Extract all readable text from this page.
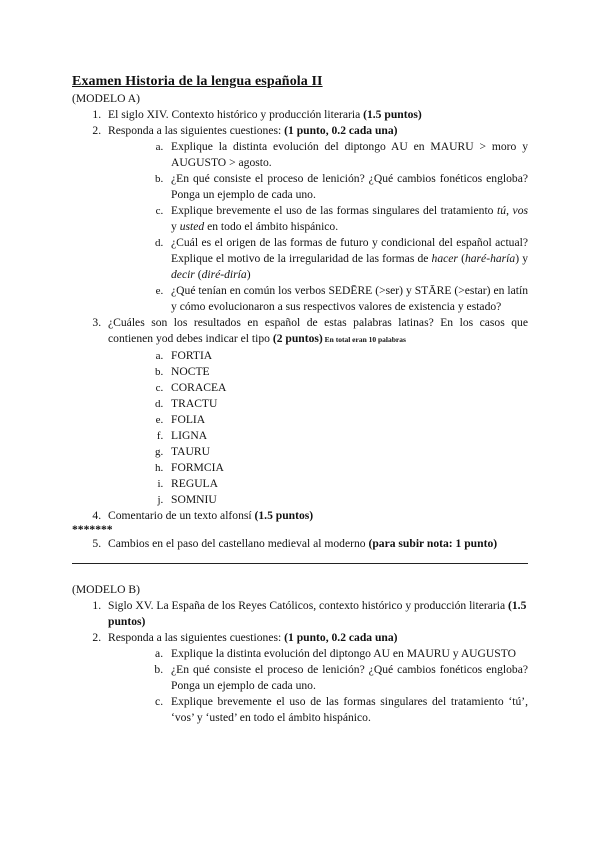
Examen Historia de la lengua española II

(MODELO A)

1. El siglo XIV. Contexto histórico y producción literaria (1.5 puntos)
2. Responda a las siguientes cuestiones: (1 punto, 0.2 cada una)
a. Explique la distinta evolución del diptongo AU en MAURU > moro y AUGUSTO > agosto.
b. ¿En qué consiste el proceso de lenición? ¿Qué cambios fonéticos engloba? Ponga un ejemplo de cada uno.
c. Explique brevemente el uso de las formas singulares del tratamiento tú, vos y usted en todo el ámbito hispánico.
d. ¿Cuál es el origen de las formas de futuro y condicional del español actual? Explique el motivo de la irregularidad de las formas de hacer (haré-haría) y decir (diré-diría)
e. ¿Qué tenían en común los verbos SEDĒRE (>ser) y STĀRE (>estar) en latín y cómo evolucionaron a sus respectivos valores de existencia y estado?
3. ¿Cuáles son los resultados en español de estas palabras latinas? En los casos que contienen yod debes indicar el tipo (2 puntos) En total eran 10 palabras
a. FORTIA
b. NOCTE
c. CORACEA
d. TRACTU
e. FOLIA
f. LIGNA
g. TAURU
h. FORMCIA
i. REGULA
j. SOMNIU
4. Comentario de un texto alfonsí (1.5 puntos)
*******
5. Cambios en el paso del castellano medieval al moderno (para subir nota: 1 punto)

(MODELO B)

1. Siglo XV. La España de los Reyes Católicos, contexto histórico y producción literaria (1.5 puntos)
2. Responda a las siguientes cuestiones: (1 punto, 0.2 cada una)
a. Explique la distinta evolución del diptongo AU en MAURU y AUGUSTO
b. ¿En qué consiste el proceso de lenición? ¿Qué cambios fonéticos engloba? Ponga un ejemplo de cada uno.
c. Explique brevemente el uso de las formas singulares del tratamiento ‘tú’, ‘vos’ y ‘usted’ en todo el ámbito hispánico.
